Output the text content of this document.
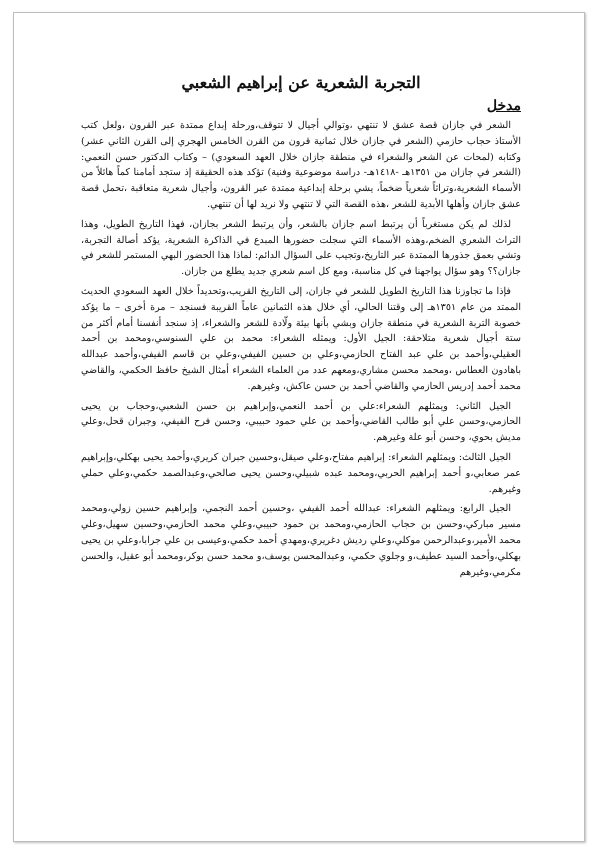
التجربة الشعرية عن إبراهيم الشعبي
مدخل

الشعر في جازان قصة عشق لا تنتهي ،وتوالي أجيال لا تتوقف،ورحلة إبداع ممتدة عبر القرون ،ولعل كتب الأستاذ حجاب حازمي (الشعر في جازان خلال ثمانية قرون من القرن الخامس الهجري إلى القرن الثاني عشر) وكتابه (لمحات عن الشعر والشعراء في منطقة جازان خلال العهد السعودي) – وكتاب الدكتور حسن النعمي: (الشعر في جازان من ١٣٥١هـ -١٤١٨هـ- دراسة موضوعية وفنية) تؤكد هذه الحقيقة إذ ستجد أمامنا كماً هائلاً من الأسماء الشعرية،وتراثاً شعرياً ضخماً، يشي برحلة إبداعية ممتدة عبر القرون، وأجيال شعرية متعاقبة ،تحمل قصة عشق جازان وأهلها الأبدية للشعر ،هذه القصة التي لا تنتهي ولا نريد لها أن تنتهي.

لذلك لم يكن مستغرباً أن يرتبط اسم جازان بالشعر، وأن يرتبط الشعر بجازان، فهذا التاريخ الطويل، وهذا التراث الشعري الضخم،وهذه الأسماء التي سجلت حضورها المبدع في الذاكرة الشعرية، يؤكد أصالة التجربة، وتشي بعمق جذورها الممتدة عبر التاريخ،وتجيب على السؤال الدائم: لماذا هذا الحضور البهي المستمر للشعر في جازان؟؟ وهو سؤال يواجهنا في كل مناسبة، ومع كل اسم شعري جديد يطلع من جازان.

فإذا ما تجاوزنا هذا التاريخ الطويل للشعر في جازان، إلى التاريخ القريب،وتحديداً خلال العهد السعودي الحديث الممتد من عام ١٣٥١هـ إلى وقتنا الحالي، أي خلال هذه الثمانين عاماً القريبة فسنجد – مرة أخرى – ما يؤكد خصوبة التربة الشعرية في منطقة جازان وبشي بأنها بيئة ولّادة للشعر والشعراء، إذ سنجد أنفسنا أمام أكثر من ستة أجيال شعرية متلاحقة: الجيل الأول: ويمثله الشعراء: محمد بن علي السنوسي،ومحمد بن أحمد العقيلي،وأحمد بن علي عبد الفتاح الحازمي،وعلي بن حسين الفيفي،وعلي بن قاسم الفيفي،وأحمد عبدالله باهادون العطاس ،ومحمد محسن مشاري،ومعهم عدد من العلماء الشعراء أمثال الشيخ حافظ الحكمي، والقاضي محمد أحمد إدريس الحازمي والقاضي أحمد بن حسن عاكش، وغيرهم.

الجيل الثاني: ويمثلهم الشعراء:علي بن أحمد النعمي،وإبراهيم بن حسن الشعبي،وحجاب بن يحيى الحازمي،وحسن علي أبو طالب القاضي،وأحمد بن علي حمود حبيبي، وحسن فرح الفيفي، وجبران قحل،وعلي مديش بحوي، وحسن أبو علة وغيرهم.

الجيل الثالث: ويمثلهم الشعراء: إبراهيم مفتاح،وعلي صيقل،وحسين جبران كريري،وأحمد يحيى بهكلي،وإبراهيم عمر صعابي،و أحمد إبراهيم الحربي،ومحمد عبده شبيلي،وحسن يحيى صالحي،وعبدالصمد حكمي،وعلي حملي وغيرهم.

الجيل الرابع: ويمثلهم الشعراء: عبدالله أحمد الفيفي ،وحسين أحمد النجمي، وإبراهيم حسين زولي،ومحمد مسير مباركي،وحسن بن حجاب الحازمي،ومحمد بن حمود حبيبي،وعلي محمد الحازمي،وحسين سهيل،وعلي محمد الأمير،وعبدالرحمن موكلي،وعلي رديش دغريري،ومهدي أحمد حكمي،وعيسى بن علي جرابا،وعلي بن يحيى بهكلي،وأحمد السيد عطيف،و وجلوي حكمي، وعبدالمحسن يوسف،و محمد حسن بوكر،ومحمد أبو عقيل، والحسن مكرمي،وغيرهم
